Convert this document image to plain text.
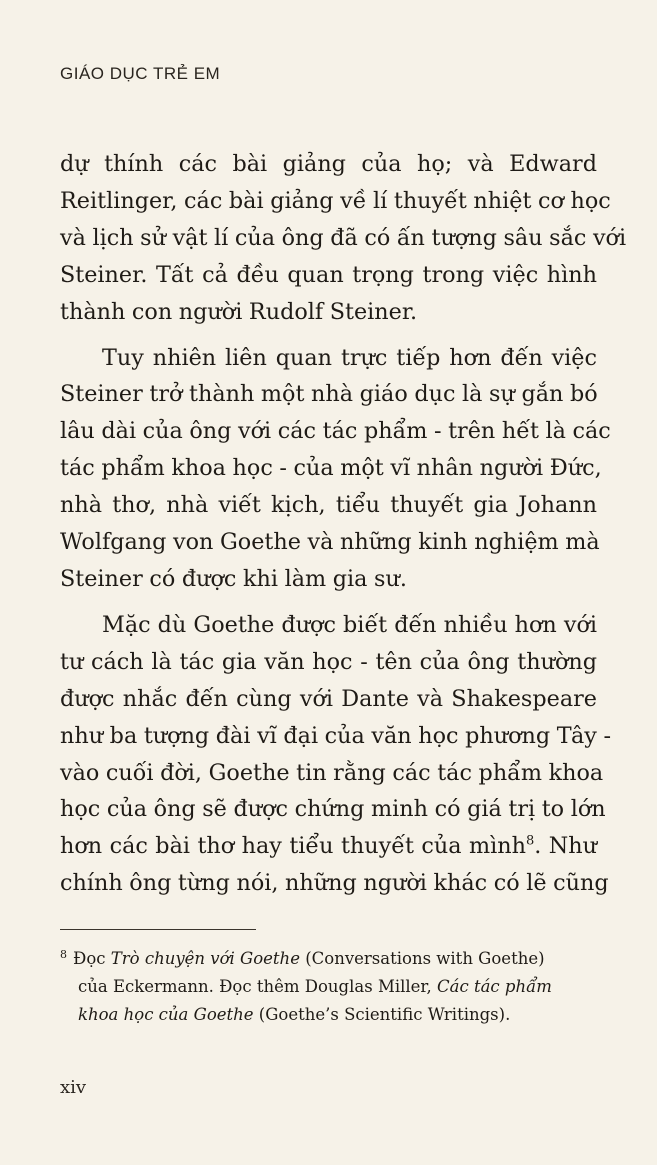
GIÁO DỤC TRẺ EM

dự thính các bài giảng của họ; và Edward
Reitlinger, các bài giảng về lí thuyết nhiệt cơ học
và lịch sử vật lí của ông đã có ấn tượng sâu sắc với
Steiner. Tất cả đều quan trọng trong việc hình
thành con người Rudolf Steiner.

Tuy nhiên liên quan trực tiếp hơn đến việc
Steiner trở thành một nhà giáo dục là sự gắn bó
lâu dài của ông với các tác phẩm - trên hết là các
tác phẩm khoa học - của một vĩ nhân người Đức,
nhà thơ, nhà viết kịch, tiểu thuyết gia Johann
Wolfgang von Goethe và những kinh nghiệm mà
Steiner có được khi làm gia sư.

Mặc dù Goethe được biết đến nhiều hơn với
tư cách là tác gia văn học - tên của ông thường
được nhắc đến cùng với Dante và Shakespeare
như ba tượng đài vĩ đại của văn học phương Tây -
vào cuối đời, Goethe tin rằng các tác phẩm khoa
học của ông sẽ được chứng minh có giá trị to lớn
hơn các bài thơ hay tiểu thuyết của mình$^8$. Như
chính ông từng nói, những người khác có lẽ cũng

$^8$ Đọc Trò chuyện với Goethe (Conversations with Goethe)
của Eckermann. Đọc thêm Douglas Miller, Các tác phẩm
khoa học của Goethe (Goethe’s Scientific Writings).
xiv
